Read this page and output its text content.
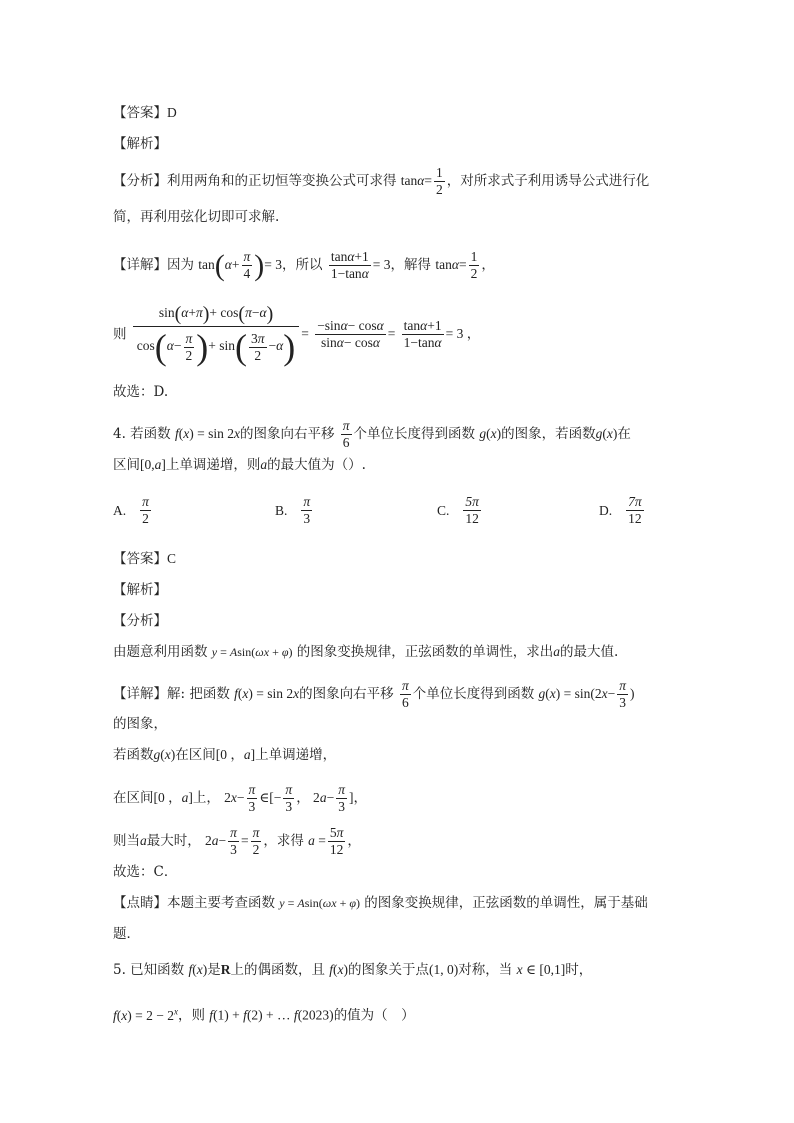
【答案】D
【解析】
【分析】利用两角和的正切恒等变换公式可求得 $\tan\alpha= \frac{1}{2}$ ，对所求式子利用诱导公式进行化
简，再利用弦化切即可求解.
【详解】因为 $\tan(\alpha+ \frac{\pi}{4}$ )= 3，所以 $\frac{\tan\alpha+1}{1-\tan\alpha} = 3$，解得 $\tan\alpha= \frac{1}{2}$ ，
则 $\frac{\sin(\alpha+\pi)+ \cos(\pi-\alpha)}{\cos(\alpha- \frac{\pi}{2} )+ \sin( \frac{3\pi}{2} -\alpha)} = \frac{-\sin\alpha- \cos\alpha}{\sin\alpha- \cos\alpha} = \frac{\tan\alpha+1}{1-\tan\alpha} = 3$ ，
故选：D.
4. 若函数 f(x) = sin 2x的图象向右平移 $\frac{\pi}{6}$ 个单位长度得到函数 g(x)的图象，若函数g(x)在
区间[0,a]上单调递增，则a的最大值为（）.
A. $\frac{\pi}{2}$	B. $\frac{\pi}{3}$	C. $\frac{5\pi}{12}$	D. $\frac{7\pi}{12}$
【答案】C
【解析】
【分析】
由题意利用函数 y = Asin(ωx + φ) 的图象变换规律，正弦函数的单调性，求出a的最大值.
【详解】解: 把函数 f(x) = sin 2x的图象向右平移 $\frac{\pi}{6}$ 个单位长度得到函数 $g(x) = \sin(2x- \frac{\pi}{3}$ )
的图象，
若函数g(x)在区间[0 ，a]上单调递增，
在区间[0 ，a]上， $2x- \frac{\pi}{3}$ ∈[− $\frac{\pi}{3}$ ， $2a- \frac{\pi}{3}$ ]，
则当a最大时， $2a- \frac{\pi}{3} = \frac{\pi}{2}$ ，求得 $a = \frac{5\pi}{12}$ ，
故选：C．
【点睛】本题主要考查函数 y = Asin(ωx + φ) 的图象变换规律，正弦函数的单调性，属于基础
题．
5. 已知函数 f(x)是R上的偶函数，且 f(x)的图象关于点(1, 0)对称，当 x ∈ [0,1]时，
$f(x) = 2 - 2^x$，则 f(1) + f(2) + … f(2023)的值为（　）
